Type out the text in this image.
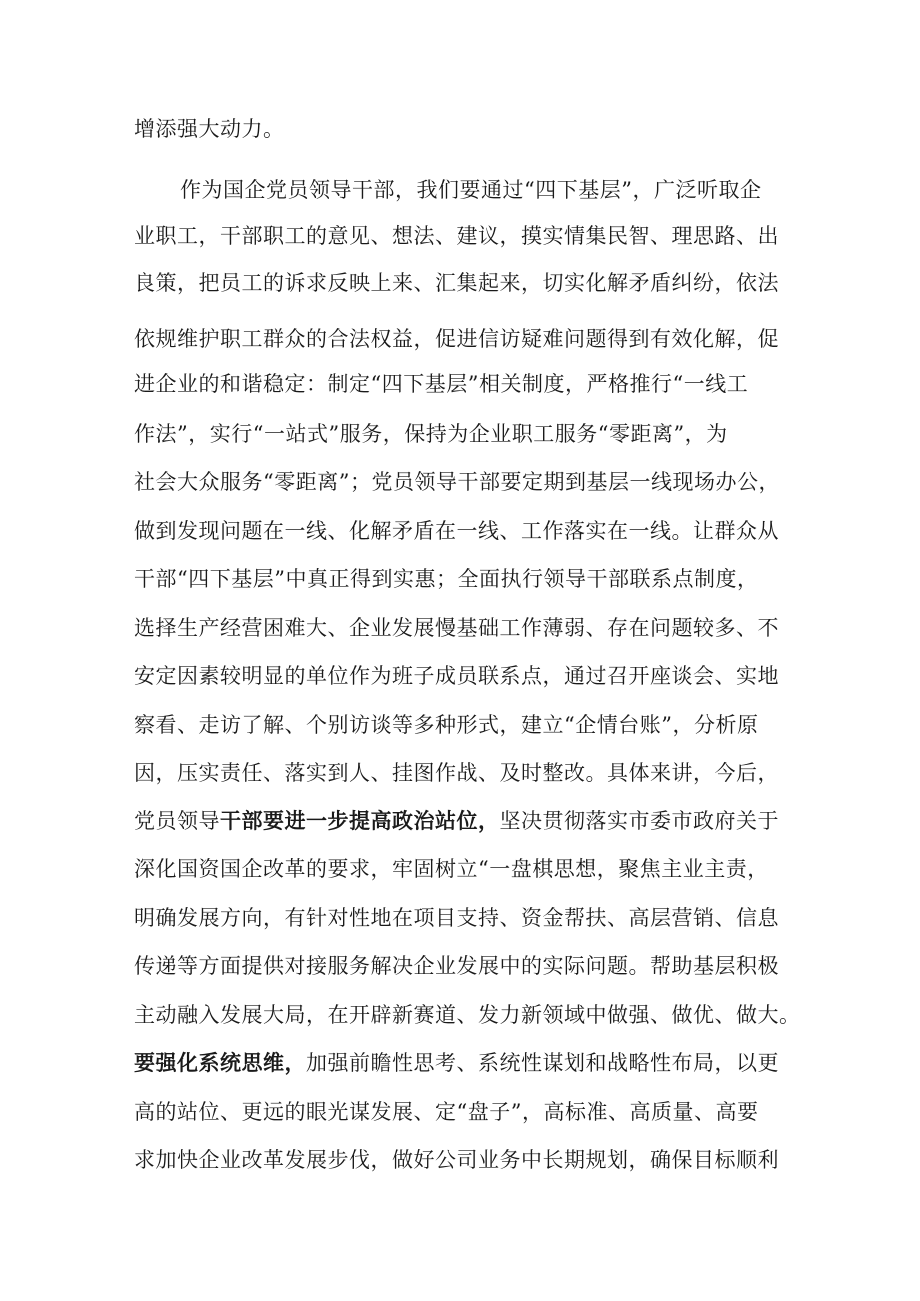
增添强大动力。
作为国企党员领导干部，我们要通过“四下基层”，广泛听取企
业职工，干部职工的意见、想法、建议，摸实情集民智、理思路、出
良策，把员工的诉求反映上来、汇集起来，切实化解矛盾纠纷，依法
依规维护职工群众的合法权益，促进信访疑难问题得到有效化解，促
进企业的和谐稳定：制定“四下基层”相关制度，严格推行“一线工
作法”，实行“一站式”服务，保持为企业职工服务“零距离”，为
社会大众服务“零距离”；党员领导干部要定期到基层一线现场办公，
做到发现问题在一线、化解矛盾在一线、工作落实在一线。让群众从
干部“四下基层”中真正得到实惠；全面执行领导干部联系点制度，
选择生产经营困难大、企业发展慢基础工作薄弱、存在问题较多、不
安定因素较明显的单位作为班子成员联系点，通过召开座谈会、实地
察看、走访了解、个别访谈等多种形式，建立“企情台账”，分析原
因，压实责任、落实到人、挂图作战、及时整改。具体来讲，今后，
党员领导干部要进一步提高政治站位，坚决贯彻落实市委市政府关于
深化国资国企改革的要求，牢固树立“一盘棋思想，聚焦主业主责，
明确发展方向，有针对性地在项目支持、资金帮扶、高层营销、信息
传递等方面提供对接服务解决企业发展中的实际问题。帮助基层积极
主动融入发展大局，在开辟新赛道、发力新领域中做强、做优、做大。
要强化系统思维，加强前瞻性思考、系统性谋划和战略性布局，以更
高的站位、更远的眼光谋发展、定“盘子”，高标准、高质量、高要
求加快企业改革发展步伐，做好公司业务中长期规划，确保目标顺利
